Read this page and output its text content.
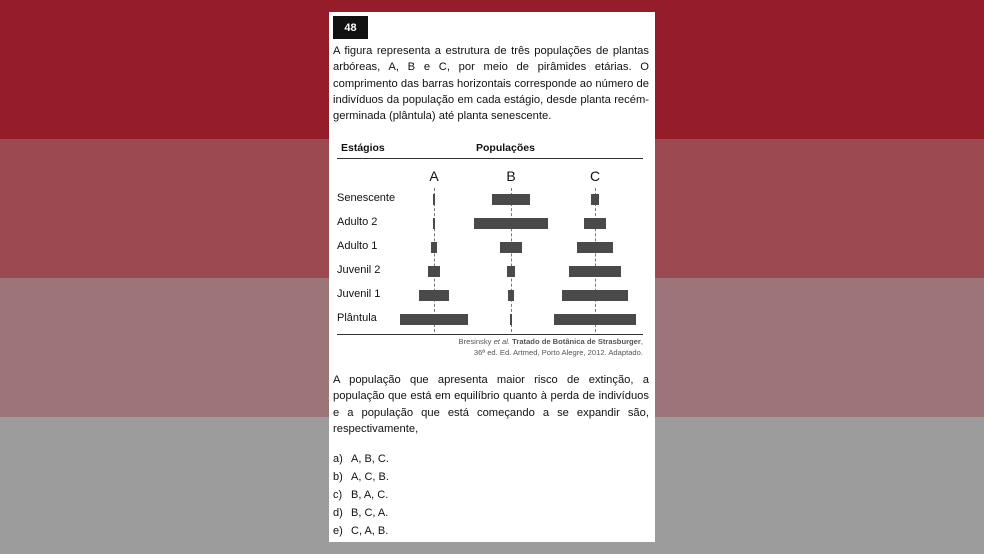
48

A figura representa a estrutura de três populações de plantas arbóreas, A, B e C, por meio de pirâmides etárias. O comprimento das barras horizontais corresponde ao número de indivíduos da população em cada estágio, desde planta recém-germinada (plântula) até planta senescente.

Estágios	Populações
A	B	C
Senescente
Adulto 2
Adulto 1
Juvenil 2
Juvenil 1
Plântula
Bresinsky et al. Tratado de Botânica de Strasburger,
36ª ed. Ed. Artmed, Porto Alegre, 2012. Adaptado.

A população que apresenta maior risco de extinção, a população que está em equilíbrio quanto à perda de indivíduos e a população que está começando a se expandir são, respectivamente,

a) A, B, C.
b) A, C, B.
c) B, A, C.
d) B, C, A.
e) C, A, B.
